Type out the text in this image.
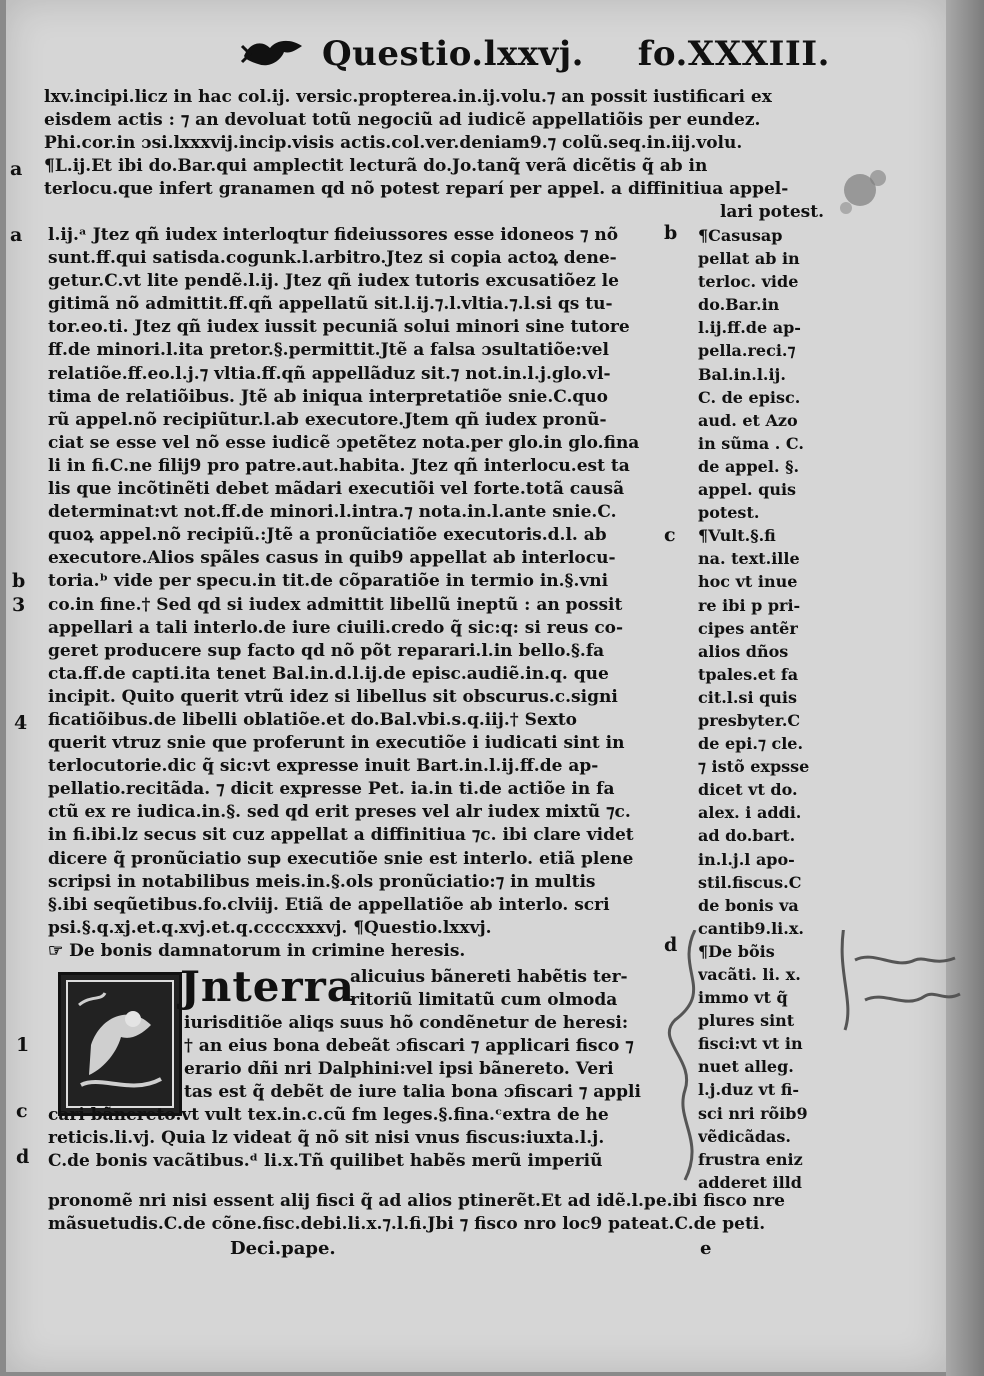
Questio.lxxvj. fo.XXXIII.
lxv.incipi.licz in hac col.ij. versic.propterea.in.ij.volu.⁊ an possit iustificari ex
eisdem actis : ⁊ an devoluat totũ negociũ ad iudicẽ appellatiõis per eundez.
Phi.cor.in ɔsi.lxxxvij.incip.visis actis.col.ver.deniam9.⁊ colũ.seq.in.iij.volu.
¶L.ij.Et ibi do.Bar.qui amplectit lecturã do.Jo.tanq̃ verã dicẽtis q̃ ab in
terlocu.que infert granamen qd nõ potest reparí per appel. a diffinitiua appel-
lari potest.
l.ij.ᵃ Jtez qñ iudex interloqtur fideiussores esse idoneos ⁊ nõ
sunt.ff.qui satisda.cogunk.l.arbitro.Jtez si copia actoꝝ dene-
getur.C.vt lite pendẽ.l.ij. Jtez qñ iudex tutoris excusatiõez le
gitimã nõ admittit.ff.qñ appellatũ sit.l.ij.⁊.l.vltia.⁊.l.si qs tu-
tor.eo.ti. Jtez qñ iudex iussit pecuniã solui minori sine tutore
ff.de minori.l.ita pretor.§.permittit.Jtẽ a falsa ɔsultatiõe:vel
relatiõe.ff.eo.l.j.⁊ vltia.ff.qñ appellãduz sit.⁊ not.in.l.j.glo.vl-
tima de relatiõibus. Jtẽ ab iniqua interpretatiõe snie.C.quo
rũ appel.nõ recipiũtur.l.ab executore.Jtem qñ iudex pronũ-
ciat se esse vel nõ esse iudicẽ ɔpetẽtez nota.per glo.in glo.fina
li in fi.C.ne filij9 pro patre.aut.habita. Jtez qñ interlocu.est ta
lis que incõtinẽti debet mãdari executiõi vel forte.totã causã
determinat:vt not.ff.de minori.l.intra.⁊ nota.in.l.ante snie.C.
quoꝝ appel.nõ recipiũ.:Jtẽ a pronũciatiõe executoris.d.l. ab
executore.Alios spãles casus in quib9 appellat ab interlocu-
toria.ᵇ vide per specu.in tit.de cõparatiõe in termio in.§.vni
co.in fine.† Sed qd si iudex admittit libellũ ineptũ : an possit
appellari a tali interlo.de iure ciuili.credo q̃ sic:q: si reus co-
geret producere sup facto qd nõ põt reparari.l.in bello.§.fa
cta.ff.de capti.ita tenet Bal.in.d.l.ij.de episc.audiẽ.in.q. que
incipit. Quito querit vtrũ idez si libellus sit obscurus.c.signi
ficatiõibus.de libelli oblatiõe.et do.Bal.vbi.s.q.iij.† Sexto
querit vtruz snie que proferunt in executiõe i iudicati sint in
terlocutorie.dic q̃ sic:vt expresse inuit Bart.in.l.ij.ff.de ap-
pellatio.recitãda. ⁊ dicit expresse Pet. ia.in ti.de actiõe in fa
ctũ ex re iudica.in.§. sed qd erit preses vel alr iudex mixtũ ⁊c.
in fi.ibi.lz secus sit cuz appellat a diffinitiua ⁊c. ibi clare videt
dicere q̃ pronũciatio sup executiõe snie est interlo. etiã plene
scripsi in notabilibus meis.in.§.ols pronũciatio:⁊ in multis
§.ibi seqũetibus.fo.clviij. Etiã de appellatiõe ab interlo. scri
psi.§.q.xj.et.q.xvj.et.q.ccccxxxvj. ¶Questio.lxxvj.
☞ De bonis damnatorum in crimine heresis.
¶Casusap
pellat ab in
terloc. vide
do.Bar.in
l.ij.ff.de ap-
pella.reci.⁊
Bal.in.l.ij.
C. de episc.
aud. et Azo
in sũma . C.
de appel. §.
appel. quis
potest.
¶Vult.§.fi
na. text.ille
hoc vt inue
re ibi p pri-
cipes antẽr
alios dños
tpales.et fa
cit.l.si quis
presbyter.C
de epi.⁊ cle.
⁊ istõ expsse
dicet vt do.
alex. i addi.
ad do.bart.
in.l.j.l apo-
stil.fiscus.C
de bonis va
cantib9.li.x.
¶De bõis
vacãti. li. x.
immo vt q̃
plures sint
fisci:vt vt in
nuet alleg.
l.j.duz vt fi-
sci nri rõib9
vẽdicãdas.
frustra eniz
adderet illd
Jnterra
alicuius bãnereti habẽtis ter-
ritoriũ limitatũ cum olmoda
iurisditiõe aliqs suus hõ condẽnetur de heresi:
† an eius bona debeãt ɔfiscari ⁊ applicari fisco ⁊
erario dñi nri Dalphini:vel ipsi bãnereto. Veri
tas est q̃ debẽt de iure talia bona ɔfiscari ⁊ appli
cari bãnereto.vt vult tex.in.c.cũ fm leges.§.fina.ᶜextra de he
reticis.li.vj. Quia lz videat q̃ nõ sit nisi vnus fiscus:iuxta.l.j.
C.de bonis vacãtibus.ᵈ li.x.Tñ quilibet habẽs merũ imperiũ
pronomẽ nri nisi essent alij fisci q̃ ad alios ptinerẽt.Et ad idẽ.l.pe.ibi fisco nre
mãsuetudis.C.de cõne.fisc.debi.li.x.⁊.l.fi.Jbi ⁊ fisco nro loc9 pateat.C.de peti.
Deci.pape.	e
a
a
b
3
4
1
c
d
b
c
d
